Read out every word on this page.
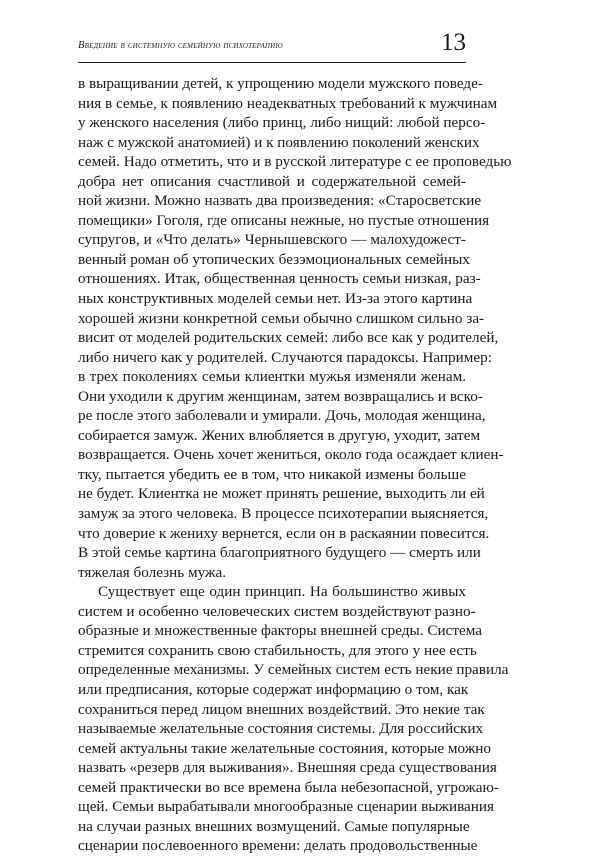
Введение в системную семейную психотерапию	13
в выращивании детей, к упрощению модели мужского поведе-
ния в семье, к появлению неадекватных требований к мужчинам
у женского населения (либо принц, либо нищий: любой персо-
наж с мужской анатомией) и к появлению поколений женских
семей. Надо отметить, что и в русской литературе с ее проповедью
добра нет описания счастливой и содержательной семей-
ной жизни. Можно назвать два произведения: «Старосветские
помещики» Гоголя, где описаны нежные, но пустые отношения
супругов, и «Что делать» Чернышевского — малохудожест-
венный роман об утопических безэмоциональных семейных
отношениях. Итак, общественная ценность семьи низкая, раз-
ных конструктивных моделей семьи нет. Из-за этого картина
хорошей жизни конкретной семьи обычно слишком сильно за-
висит от моделей родительских семей: либо все как у родителей,
либо ничего как у родителей. Случаются парадоксы. Например:
в трех поколениях семьи клиентки мужья изменяли женам.
Они уходили к другим женщинам, затем возвращались и вско-
ре после этого заболевали и умирали. Дочь, молодая женщина,
собирается замуж. Жених влюбляется в другую, уходит, затем
возвращается. Очень хочет жениться, около года осаждает клиен-
тку, пытается убедить ее в том, что никакой измены больше
не будет. Клиентка не может принять решение, выходить ли ей
замуж за этого человека. В процессе психотерапии выясняется,
что доверие к жениху вернется, если он в раскаянии повесится.
В этой семье картина благоприятного будущего — смерть или
тяжелая болезнь мужа.
Существует еще один принцип. На большинство живых
систем и особенно человеческих систем воздействуют разно-
образные и множественные факторы внешней среды. Система
стремится сохранить свою стабильность, для этого у нее есть
определенные механизмы. У семейных систем есть некие правила
или предписания, которые содержат информацию о том, как
сохраниться перед лицом внешних воздействий. Это некие так
называемые желательные состояния системы. Для российских
семей актуальны такие желательные состояния, которые можно
назвать «резерв для выживания». Внешняя среда существования
семей практически во все времена была небезопасной, угрожаю-
щей. Семьи вырабатывали многообразные сценарии выживания
на случаи разных внешних возмущений. Самые популярные
сценарии послевоенного времени: делать продовольственные
